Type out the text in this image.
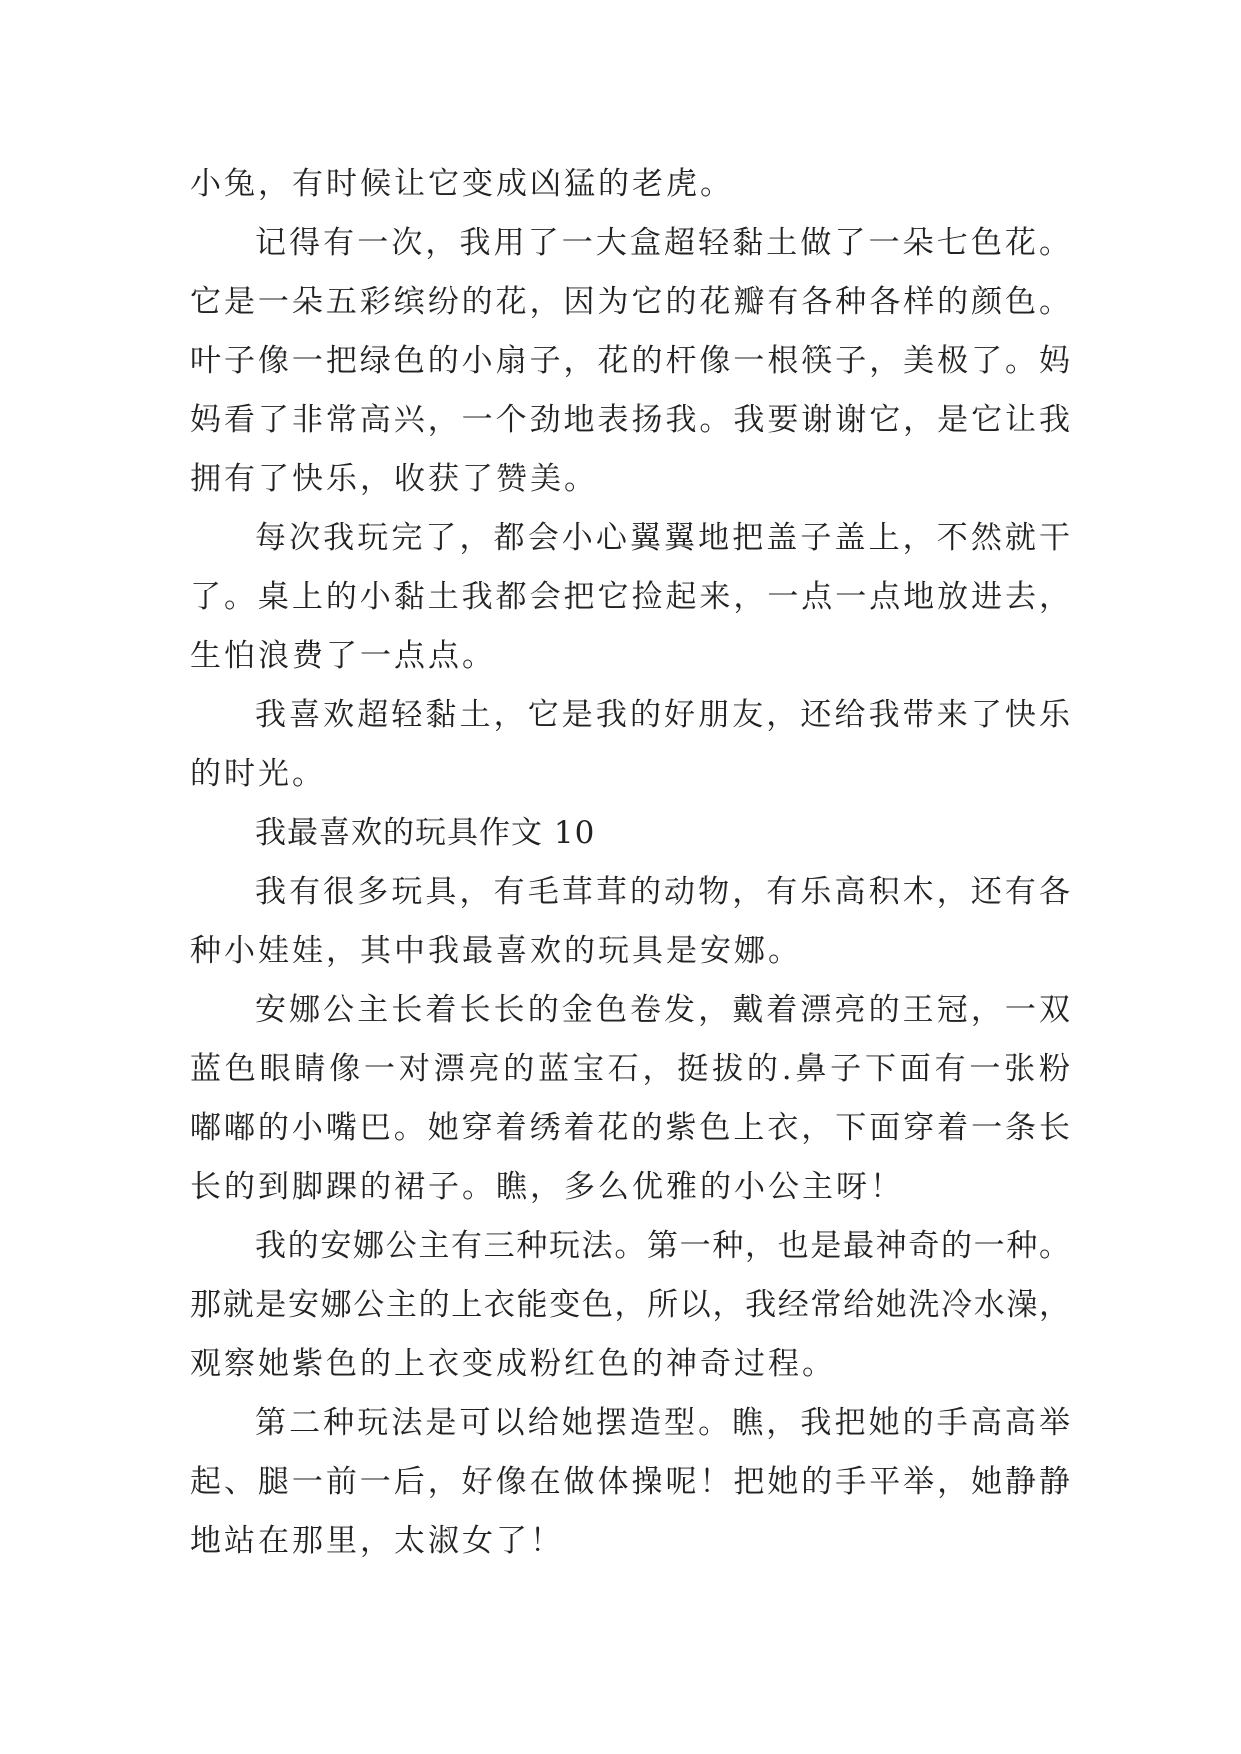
小兔，有时候让它变成凶猛的老虎。
记得有一次，我用了一大盒超轻黏土做了一朵七色花。
它是一朵五彩缤纷的花，因为它的花瓣有各种各样的颜色。
叶子像一把绿色的小扇子，花的杆像一根筷子，美极了。妈
妈看了非常高兴，一个劲地表扬我。我要谢谢它，是它让我
拥有了快乐，收获了赞美。
每次我玩完了，都会小心翼翼地把盖子盖上，不然就干
了。桌上的小黏土我都会把它捡起来，一点一点地放进去，
生怕浪费了一点点。
我喜欢超轻黏土，它是我的好朋友，还给我带来了快乐
的时光。
我最喜欢的玩具作文 10
我有很多玩具，有毛茸茸的动物，有乐高积木，还有各
种小娃娃，其中我最喜欢的玩具是安娜。
安娜公主长着长长的金色卷发，戴着漂亮的王冠，一双
蓝色眼睛像一对漂亮的蓝宝石，挺拔的.鼻子下面有一张粉
嘟嘟的小嘴巴。她穿着绣着花的紫色上衣，下面穿着一条长
长的到脚踝的裙子。瞧，多么优雅的小公主呀！
我的安娜公主有三种玩法。第一种，也是最神奇的一种。
那就是安娜公主的上衣能变色，所以，我经常给她洗冷水澡，
观察她紫色的上衣变成粉红色的神奇过程。
第二种玩法是可以给她摆造型。瞧，我把她的手高高举
起、腿一前一后，好像在做体操呢！把她的手平举，她静静
地站在那里，太淑女了！
